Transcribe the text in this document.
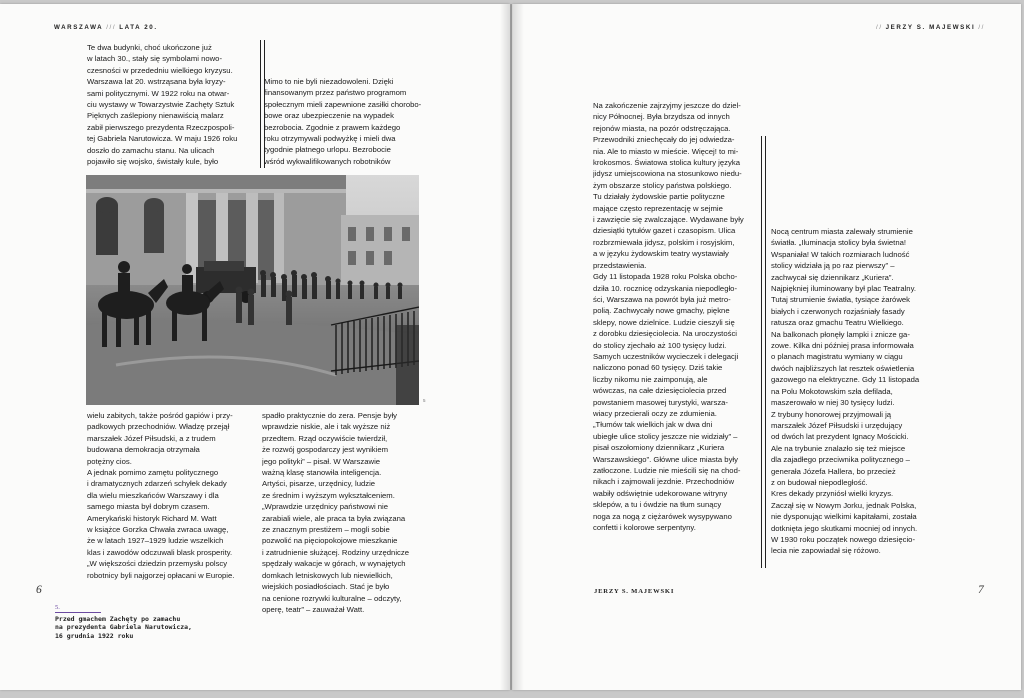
WARSZAWA /// LATA 20.
Te dwa budynki, choć ukończone już
w latach 30., stały się symbolami nowo-
czesności w przededniu wielkiego kryzysu.
Warszawa lat 20. wstrząsana była kryzy-
sami politycznymi. W 1922 roku na otwar-
ciu wystawy w Towarzystwie Zachęty Sztuk
Pięknych zaślepiony nienawiścią malarz
zabił pierwszego prezydenta Rzeczpospoli-
tej Gabriela Narutowicza. W maju 1926 roku
doszło do zamachu stanu. Na ulicach
pojawiło się wojsko, świstały kule, było
Mimo to nie byli niezadowoleni. Dzięki
finansowanym przez państwo programom
społecznym mieli zapewnione zasiłki chorobo-
bowe oraz ubezpieczenie na wypadek
bezrobocia. Zgodnie z prawem każdego
roku otrzymywali podwyżkę i mieli dwa
tygodnie płatnego urlopu. Bezrobocie
wśród wykwalifikowanych robotników
5
wielu zabitych, także pośród gapiów i przy-
padkowych przechodniów. Władzę przejął
marszałek Józef Piłsudski, a z trudem
budowana demokracja otrzymała
potężny cios.
A jednak pomimo zamętu politycznego
i dramatycznych zdarzeń schyłek dekady
dla wielu mieszkańców Warszawy i dla
samego miasta był dobrym czasem.
Amerykański historyk Richard M. Watt
w książce Gorzka Chwała zwraca uwagę,
że w latach 1927–1929 ludzie wszelkich
klas i zawodów odczuwali blask prosperity.
„W większości dziedzin przemysłu polscy
robotnicy byli najgorzej opłacani w Europie.
spadło praktycznie do zera. Pensje były
wprawdzie niskie, ale i tak wyższe niż
przedtem. Rząd oczywiście twierdził,
że rozwój gospodarczy jest wynikiem
jego polityki” – pisał. W Warszawie
ważną klasę stanowiła inteligencja.
Artyści, pisarze, urzędnicy, ludzie
ze średnim i wyższym wykształceniem.
„Wprawdzie urzędnicy państwowi nie
zarabiali wiele, ale praca ta była związana
ze znacznym prestiżem – mogli sobie
pozwolić na pięciopokojowe mieszkanie
i zatrudnienie służącej. Rodziny urzędnicze
spędzały wakacje w górach, w wynajętych
domkach letniskowych lub niewielkich,
wiejskich posiadłościach. Stać je było
na cenione rozrywki kulturalne – odczyty,
operę, teatr” – zauważał Watt.
6
5.
Przed gmachem Zachęty po zamachu
na prezydenta Gabriela Narutowicza,
16 grudnia 1922 roku
// JERZY S. MAJEWSKI //
Na zakończenie zajrzyjmy jeszcze do dziel-
nicy Północnej. Była brzydsza od innych
rejonów miasta, na pozór odstręczająca.
Przewodniki zniechęcały do jej odwiedza-
nia. Ale to miasto w mieście. Więcej! to mi-
krokosmos. Światowa stolica kultury języka
jidysz umiejscowiona na stosunkowo niedu-
żym obszarze stolicy państwa polskiego.
Tu działały żydowskie partie polityczne
mające często reprezentację w sejmie
i zawzięcie się zwalczające. Wydawane były
dziesiątki tytułów gazet i czasopism. Ulica
rozbrzmiewała jidysz, polskim i rosyjskim,
a w języku żydowskim teatry wystawiały
przedstawienia.
Gdy 11 listopada 1928 roku Polska obcho-
dziła 10. rocznicę odzyskania niepodległo-
ści, Warszawa na powrót była już metro-
polią. Zachwycały nowe gmachy, piękne
sklepy, nowe dzielnice. Ludzie cieszyli się
z dorobku dziesięciolecia. Na uroczystości
do stolicy zjechało aż 100 tysięcy ludzi.
Samych uczestników wycieczek i delegacji
naliczono ponad 60 tysięcy. Dziś takie
liczby nikomu nie zaimponują, ale
wówczas, na całe dziesięciolecia przed
powstaniem masowej turystyki, warsza-
wiacy przecierali oczy ze zdumienia.
„Tłumów tak wielkich jak w dwa dni
ubiegłe ulice stolicy jeszcze nie widziały” –
pisał oszołomiony dziennikarz „Kuriera
Warszawskiego”. Główne ulice miasta były
zatłoczone. Ludzie nie mieścili się na chod-
nikach i zajmowali jezdnie. Przechodniów
wabiły odświętnie udekorowane witryny
sklepów, a tu i ówdzie na tłum sunący
noga za nogą z ciężarówek wysypywano
confetti i kolorowe serpentyny.
Nocą centrum miasta zalewały strumienie
światła. „Iluminacja stolicy była świetna!
Wspaniała! W takich rozmiarach ludność
stolicy widziała ją po raz pierwszy” –
zachwycał się dziennikarz „Kuriera”.
Najpiękniej iluminowany był plac Teatralny.
Tutaj strumienie światła, tysiące żarówek
białych i czerwonych rozjaśniały fasady
ratusza oraz gmachu Teatru Wielkiego.
Na balkonach płonęły lampki i znicze ga-
zowe. Kilka dni później prasa informowała
o planach magistratu wymiany w ciągu
dwóch najbliższych lat resztek oświetlenia
gazowego na elektryczne. Gdy 11 listopada
na Polu Mokotowskim szła defilada,
maszerowało w niej 30 tysięcy ludzi.
Z trybuny honorowej przyjmowali ją
marszałek Józef Piłsudski i urzędujący
od dwóch lat prezydent Ignacy Mościcki.
Ale na trybunie znalazło się też miejsce
dla zajadłego przeciwnika politycznego –
generała Józefa Hallera, bo przecież
z on budował niepodległość.
Kres dekady przyniósł wielki kryzys.
Zaczął się w Nowym Jorku, jednak Polska,
nie dysponując wielkimi kapitałami, została
dotknięta jego skutkami mocniej od innych.
W 1930 roku początek nowego dziesięcio-
lecia nie zapowiadał się różowo.
JERZY S. MAJEWSKI	7
